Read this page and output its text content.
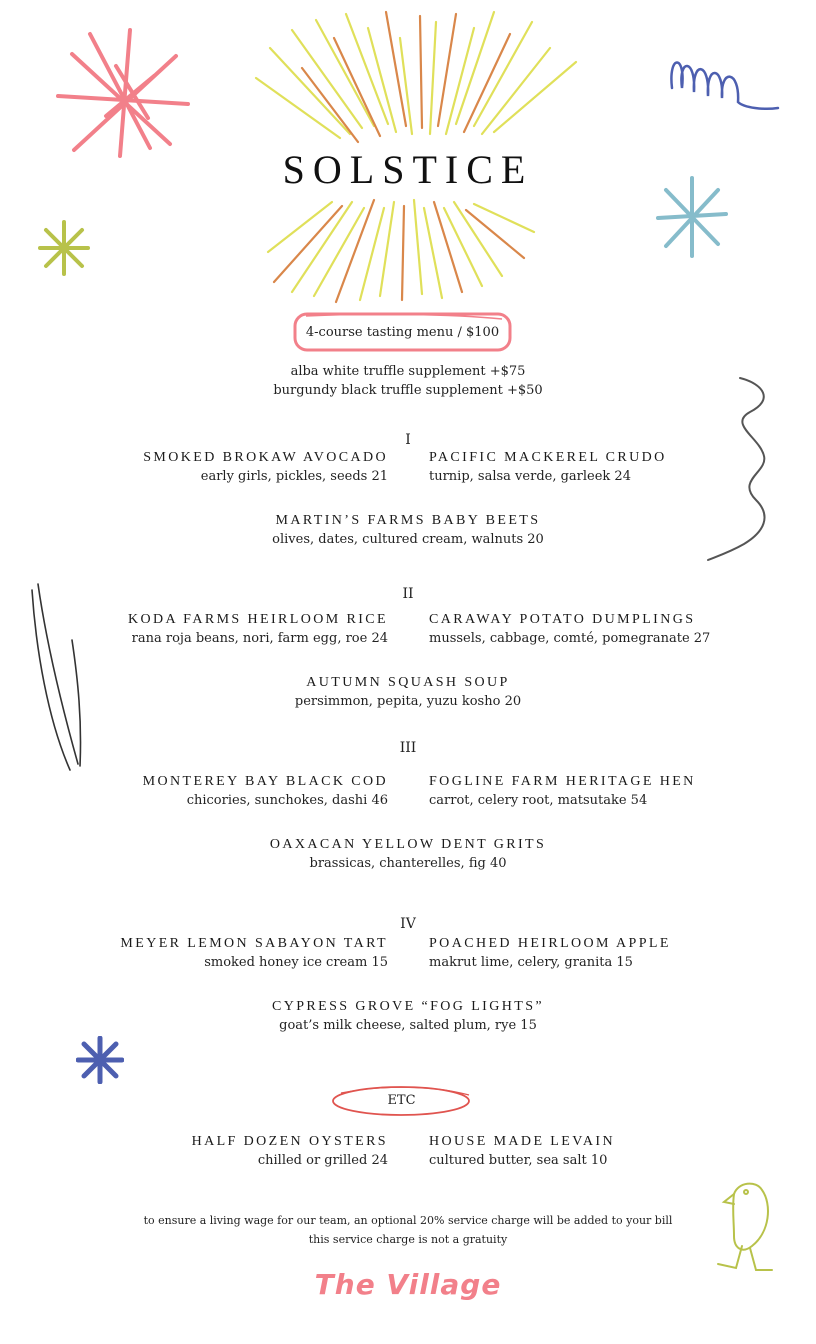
SOLSTICE
4-course tasting menu / $100
alba white truffle supplement +$75
burgundy black truffle supplement +$50
I
SMOKED BROKAW AVOCADO
early girls, pickles, seeds 21
PACIFIC MACKEREL CRUDO
turnip, salsa verde, garleek 24
MARTIN’S FARMS BABY BEETS
olives, dates, cultured cream, walnuts 20
II
KODA FARMS HEIRLOOM RICE
rana roja beans, nori, farm egg, roe 24
CARAWAY POTATO DUMPLINGS
mussels, cabbage, comté, pomegranate 27
AUTUMN SQUASH SOUP
persimmon, pepita, yuzu kosho 20
III
MONTEREY BAY BLACK COD
chicories, sunchokes, dashi 46
FOGLINE FARM HERITAGE HEN
carrot, celery root, matsutake 54
OAXACAN YELLOW DENT GRITS
brassicas, chanterelles, fig 40
IV
MEYER LEMON SABAYON TART
smoked honey ice cream 15
POACHED HEIRLOOM APPLE
makrut lime, celery, granita 15
CYPRESS GROVE “FOG LIGHTS”
goat’s milk cheese, salted plum, rye 15
ETC
HALF DOZEN OYSTERS
chilled or grilled 24
HOUSE MADE LEVAIN
cultured butter, sea salt 10
to ensure a living wage for our team, an optional 20% service charge will be added to your bill
this service charge is not a gratuity
The Village
